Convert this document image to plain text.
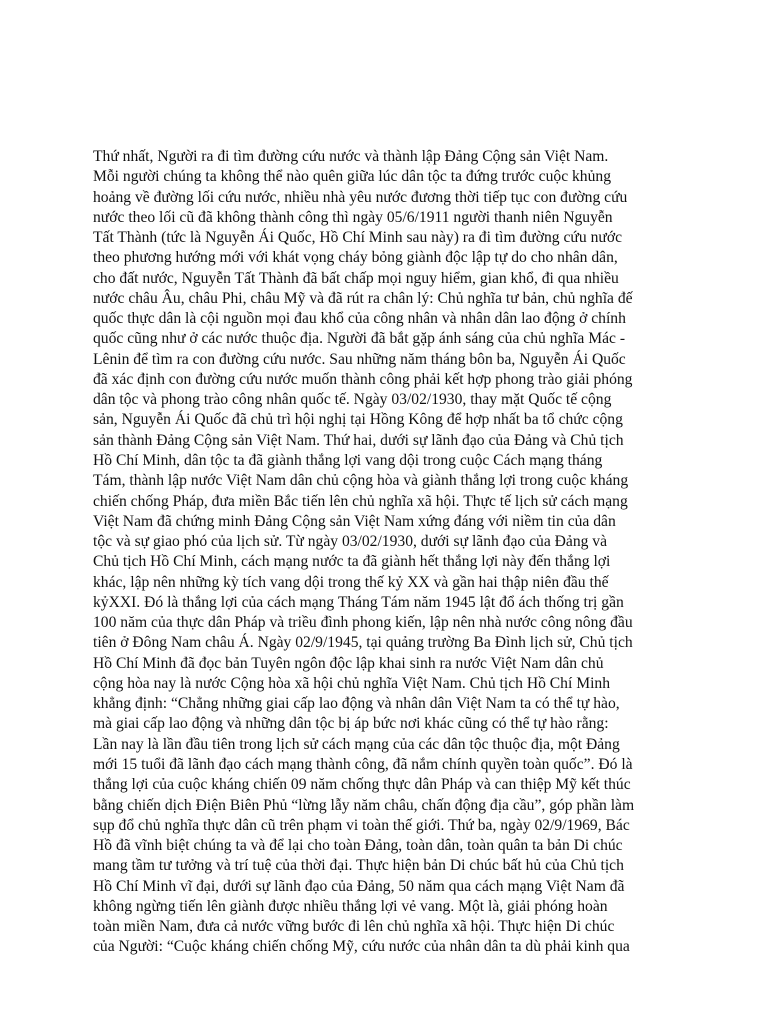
Thứ nhất, Người ra đi tìm đường cứu nước và thành lập Đảng Cộng sản Việt Nam.
Mỗi người chúng ta không thể nào quên giữa lúc dân tộc ta đứng trước cuộc khủng
hoảng về đường lối cứu nước, nhiều nhà yêu nước đương thời tiếp tục con đường cứu
nước theo lối cũ đã không thành công thì ngày 05/6/1911 người thanh niên Nguyễn
Tất Thành (tức là Nguyễn Ái Quốc, Hồ Chí Minh sau này) ra đi tìm đường cứu nước
theo phương hướng mới với khát vọng cháy bỏng giành độc lập tự do cho nhân dân,
cho đất nước, Nguyễn Tất Thành đã bất chấp mọi nguy hiểm, gian khổ, đi qua nhiều
nước châu Âu, châu Phi, châu Mỹ và đã rút ra chân lý: Chủ nghĩa tư bản, chủ nghĩa đế
quốc thực dân là cội nguồn mọi đau khổ của công nhân và nhân dân lao động ở chính
quốc cũng như ở các nước thuộc địa. Người đã bắt gặp ánh sáng của chủ nghĩa Mác -
Lênin để tìm ra con đường cứu nước. Sau những năm tháng bôn ba, Nguyễn Ái Quốc
đã xác định con đường cứu nước muốn thành công phải kết hợp phong trào giải phóng
dân tộc và phong trào công nhân quốc tế. Ngày 03/02/1930, thay mặt Quốc tế cộng
sản, Nguyễn Ái Quốc đã chủ trì hội nghị tại Hồng Kông để hợp nhất ba tổ chức cộng
sản thành Đảng Cộng sản Việt Nam. Thứ hai, dưới sự lãnh đạo của Đảng và Chủ tịch
Hồ Chí Minh, dân tộc ta đã giành thắng lợi vang dội trong cuộc Cách mạng tháng
Tám, thành lập nước Việt Nam dân chủ cộng hòa và giành thắng lợi trong cuộc kháng
chiến chống Pháp, đưa miền Bắc tiến lên chủ nghĩa xã hội. Thực tế lịch sử cách mạng
Việt Nam đã chứng minh Đảng Cộng sản Việt Nam xứng đáng với niềm tin của dân
tộc và sự giao phó của lịch sử. Từ ngày 03/02/1930, dưới sự lãnh đạo của Đảng và
Chủ tịch Hồ Chí Minh, cách mạng nước ta đã giành hết thắng lợi này đến thắng lợi
khác, lập nên những kỳ tích vang dội trong thế kỷ XX và gần hai thập niên đầu thế
kỷXXI. Đó là thắng lợi của cách mạng Tháng Tám năm 1945 lật đổ ách thống trị gần
100 năm của thực dân Pháp và triều đình phong kiến, lập nên nhà nước công nông đầu
tiên ở Đông Nam châu Á. Ngày 02/9/1945, tại quảng trường Ba Đình lịch sử, Chủ tịch
Hồ Chí Minh đã đọc bản Tuyên ngôn độc lập khai sinh ra nước Việt Nam dân chủ
cộng hòa nay là nước Cộng hòa xã hội chủ nghĩa Việt Nam. Chủ tịch Hồ Chí Minh
khẳng định: “Chẳng những giai cấp lao động và nhân dân Việt Nam ta có thể tự hào,
mà giai cấp lao động và những dân tộc bị áp bức nơi khác cũng có thể tự hào rằng:
Lần nay là lần đầu tiên trong lịch sử cách mạng của các dân tộc thuộc địa, một Đảng
mới 15 tuổi đã lãnh đạo cách mạng thành công, đã nắm chính quyền toàn quốc”. Đó là
thắng lợi của cuộc kháng chiến 09 năm chống thực dân Pháp và can thiệp Mỹ kết thúc
bằng chiến dịch Điện Biên Phủ “lừng lẫy năm châu, chấn động địa cầu”, góp phần làm
sụp đổ chủ nghĩa thực dân cũ trên phạm vi toàn thế giới. Thứ ba, ngày 02/9/1969, Bác
Hồ đã vĩnh biệt chúng ta và để lại cho toàn Đảng, toàn dân, toàn quân ta bản Di chúc
mang tầm tư tưởng và trí tuệ của thời đại. Thực hiện bản Di chúc bất hủ của Chủ tịch
Hồ Chí Minh vĩ đại, dưới sự lãnh đạo của Đảng, 50 năm qua cách mạng Việt Nam đã
không ngừng tiến lên giành được nhiều thắng lợi vẻ vang. Một là, giải phóng hoàn
toàn miền Nam, đưa cả nước vững bước đi lên chủ nghĩa xã hội. Thực hiện Di chúc
của Người: “Cuộc kháng chiến chống Mỹ, cứu nước của nhân dân ta dù phải kinh qua
